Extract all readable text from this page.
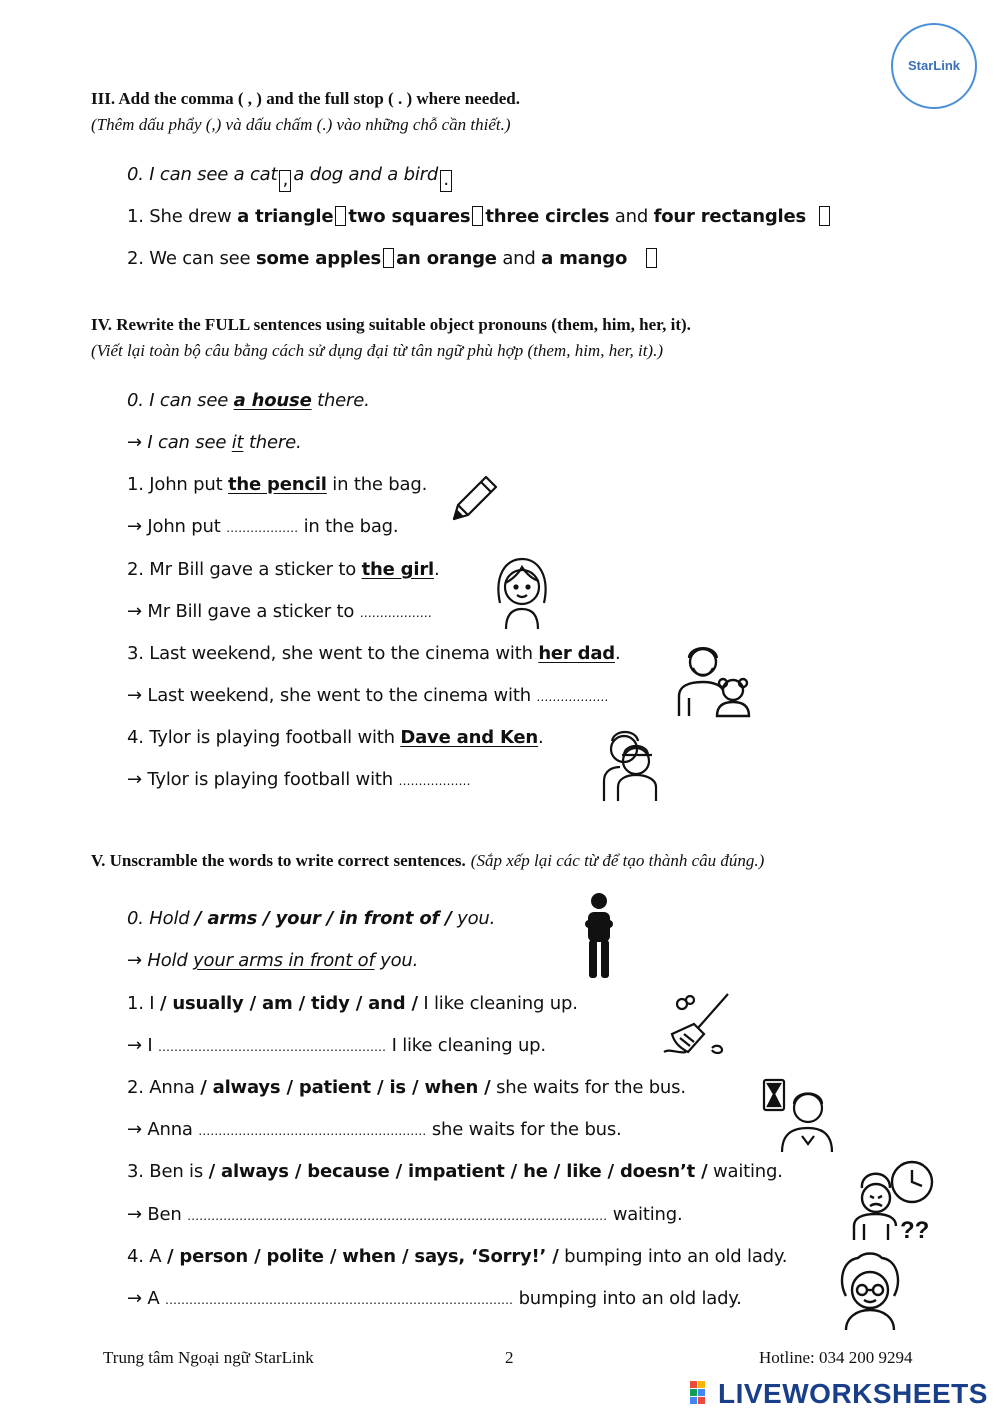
StarLink
III. Add the comma ( , ) and the full stop ( . ) where needed.
(Thêm dấu phẩy (,) và dấu chấm (.) vào những chỗ cần thiết.)
0. I can see a cat , a dog and a bird .
1. She drew a triangle two squares three circles and four rectangles
2. We can see some apples an orange and a mango
IV. Rewrite the FULL sentences using suitable object pronouns (them, him, her, it).
(Viết lại toàn bộ câu bằng cách sử dụng đại từ tân ngữ phù hợp (them, him, her, it).)
0. I can see a house there.
→ I can see it there.
1. John put the pencil in the bag.
→ John put ……………… in the bag.
2. Mr Bill gave a sticker to the girl.
→ Mr Bill gave a sticker to ………………
3. Last weekend, she went to the cinema with her dad.
→ Last weekend, she went to the cinema with ………………
4. Tylor is playing football with Dave and Ken.
→ Tylor is playing football with ………………
V. Unscramble the words to write correct sentences. (Sắp xếp lại các từ để tạo thành câu đúng.)
0. Hold / arms / your / in front of / you.
→ Hold your arms in front of you.
1. I / usually / am / tidy / and / I like cleaning up.
→ I ………………………………………………… I like cleaning up.
2. Anna / always / patient / is / when / she waits for the bus.
→ Anna ………………………………………………… she waits for the bus.
3. Ben is / always / because / impatient / he / like / doesn’t / waiting.
→ Ben …………………………………………………………………………………………… waiting.
4. A / person / polite / when / says, ‘Sorry!’ / bumping into an old lady.
→ A …………………………………………………………………………… bumping into an old lady.
??
Trung tâm Ngoại ngữ StarLink	2	Hotline: 034 200 9294
LIVEWORKSHEETS
